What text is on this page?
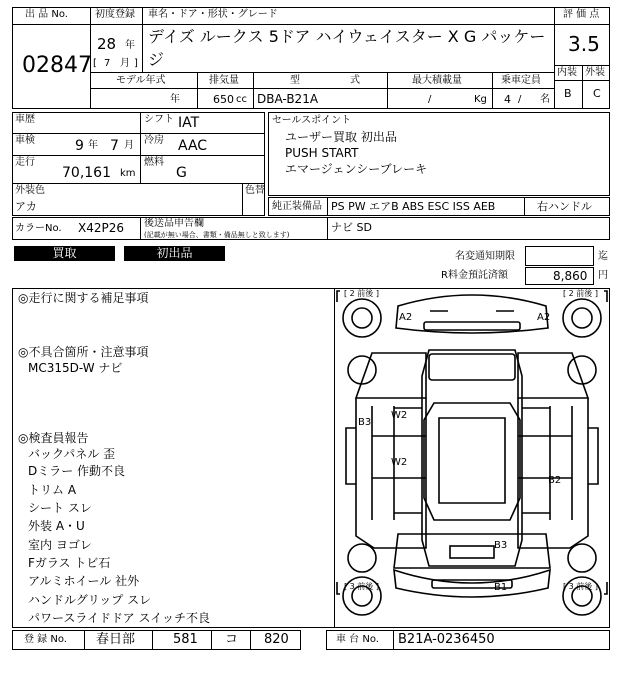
出 品 No.
02847
初度登録
28 年
[ 7 月 ]
車名・ドア・形状・グレード
デイズ ルークス 5ドア ハイウェイスター X G パッケー
ジ
評 価 点
3.5
内装 外装
B C
モデル年式
年
排気量
650 cc
型	式
DBA-B21A
最大積載量
/	Kg
乗車定員
4 / 名
車歴	シフト IAT
車検	9 年 7 月 冷房 AAC
走行
70,161 km
燃料
G
外装色
アカ
色替
セールスポイント
ユーザー買取 初出品
PUSH START
エマージェンシーブレーキ
純正装備品 PS PW エアB ABS ESC ISS AEB	右ハンドル
カラーNo. X42P26 後送品申告欄
(記載が無い場合、書類・備品無しと致します)
ナビ SD
買取	初出品	名変通知期限	迄
R料金預託済額	8,860 円
◎走行に関する補足事項
◎不具合箇所・注意事項
MC315D-W ナビ
◎検査員報告
バックパネル 歪
Dミラー 作動不良
トリム A
シート スレ
外装 A・U
室内 ヨゴレ
Fガラス トビ石
アルミホイール 社外
ハンドルグリップ スレ
パワースライドドア スイッチ不良
[ 2 前後 ]	[ 2 前後 ]
[ 3 前後 ]	[ 3 前後 ]
A2	A2
B3
W2
W2
B2
B3
B1
登 録 No. 春日部	581 コ 820	車 台 No. B21A-0236450
